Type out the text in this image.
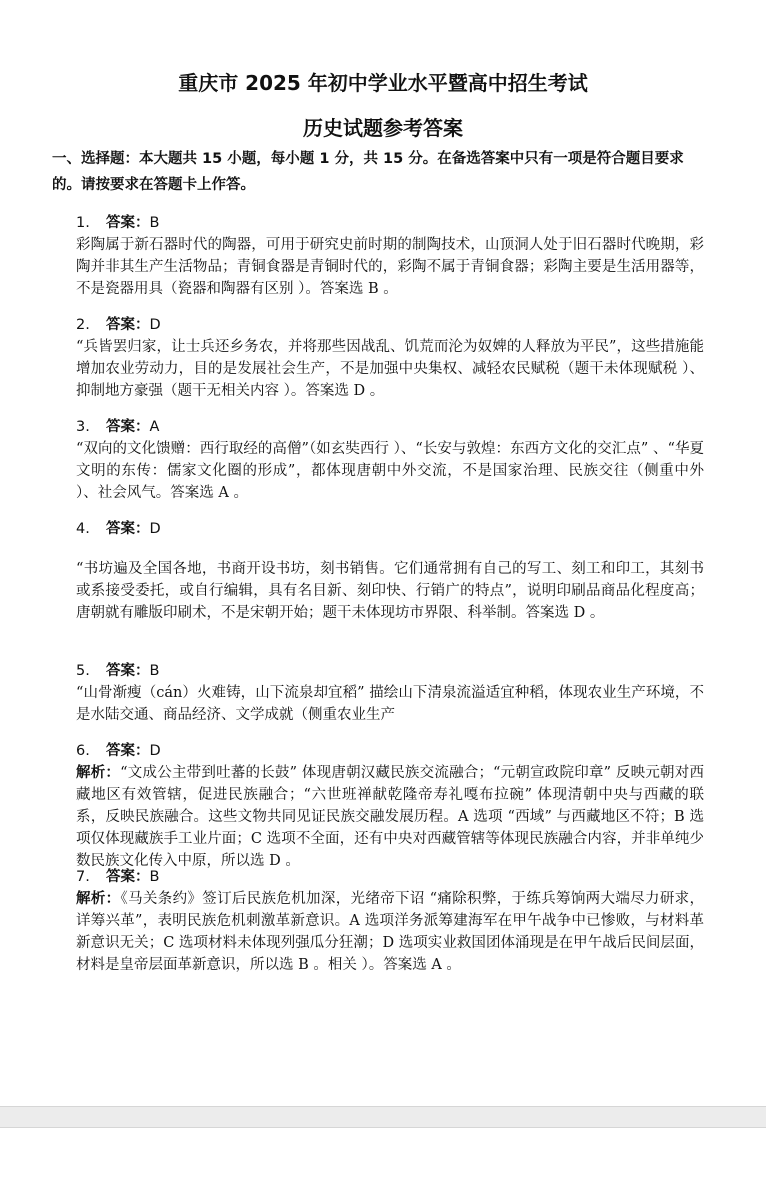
重庆市 2025 年初中学业水平暨高中招生考试
历史试题参考答案
一、选择题：本大题共 15 小题，每小题 1 分，共 15 分。在备选答案中只有一项是符合题目要求的。请按要求在答题卡上作答。
1. 答案：B

彩陶属于新石器时代的陶器，可用于研究史前时期的制陶技术，山顶洞人处于旧石器时代晚期，彩陶并非其生产生活物品；青铜食器是青铜时代的，彩陶不属于青铜食器；彩陶主要是生活用器等，不是瓷器用具（瓷器和陶器有区别 ）。答案选 B 。

2. 答案：D

“兵皆罢归家，让士兵还乡务农，并将那些因战乱、饥荒而沦为奴婢的人释放为平民”，这些措施能增加农业劳动力，目的是发展社会生产，不是加强中央集权、减轻农民赋税（题干未体现赋税 ）、抑制地方豪强（题干无相关内容 ）。答案选 D 。

3. 答案：A

“双向的文化馈赠：西行取经的高僧”（如玄奘西行 ）、“长安与敦煌：东西方文化的交汇点” 、“华夏文明的东传：儒家文化圈的形成”，都体现唐朝中外交流，不是国家治理、民族交往（侧重中外 ）、社会风气。答案选 A 。

4. 答案：D

“书坊遍及全国各地，书商开设书坊，刻书销售。它们通常拥有自己的写工、刻工和印工，其刻书或系接受委托，或自行编辑，具有名目新、刻印快、行销广的特点”，说明印刷品商品化程度高；唐朝就有雕版印刷术，不是宋朝开始；题干未体现坊市界限、科举制。答案选 D 。

5. 答案：B

“山骨渐瘦（cán）火难铸，山下流泉却宜稻” 描绘山下清泉流溢适宜种稻，体现农业生产环境，不是水陆交通、商品经济、文学成就（侧重农业生产

6. 答案：D

解析：“文成公主带到吐蕃的长鼓” 体现唐朝汉藏民族交流融合；“元朝宣政院印章” 反映元朝对西藏地区有效管辖，促进民族融合；“六世班禅献乾隆帝寿礼嘎布拉碗” 体现清朝中央与西藏的联系，反映民族融合。这些文物共同见证民族交融发展历程。A 选项 “西域” 与西藏地区不符；B 选项仅体现藏族手工业片面；C 选项不全面，还有中央对西藏管辖等体现民族融合内容，并非单纯少数民族文化传入中原，所以选 D 。

7. 答案：B

解析：《马关条约》签订后民族危机加深，光绪帝下诏 “痛除积弊，于练兵筹饷两大端尽力研求，详筹兴革”，表明民族危机刺激革新意识。A 选项洋务派筹建海军在甲午战争中已惨败，与材料革新意识无关；C 选项材料未体现列强瓜分狂潮；D 选项实业救国团体涌现是在甲午战后民间层面，材料是皇帝层面革新意识，所以选 B 。相关 ）。答案选 A 。
